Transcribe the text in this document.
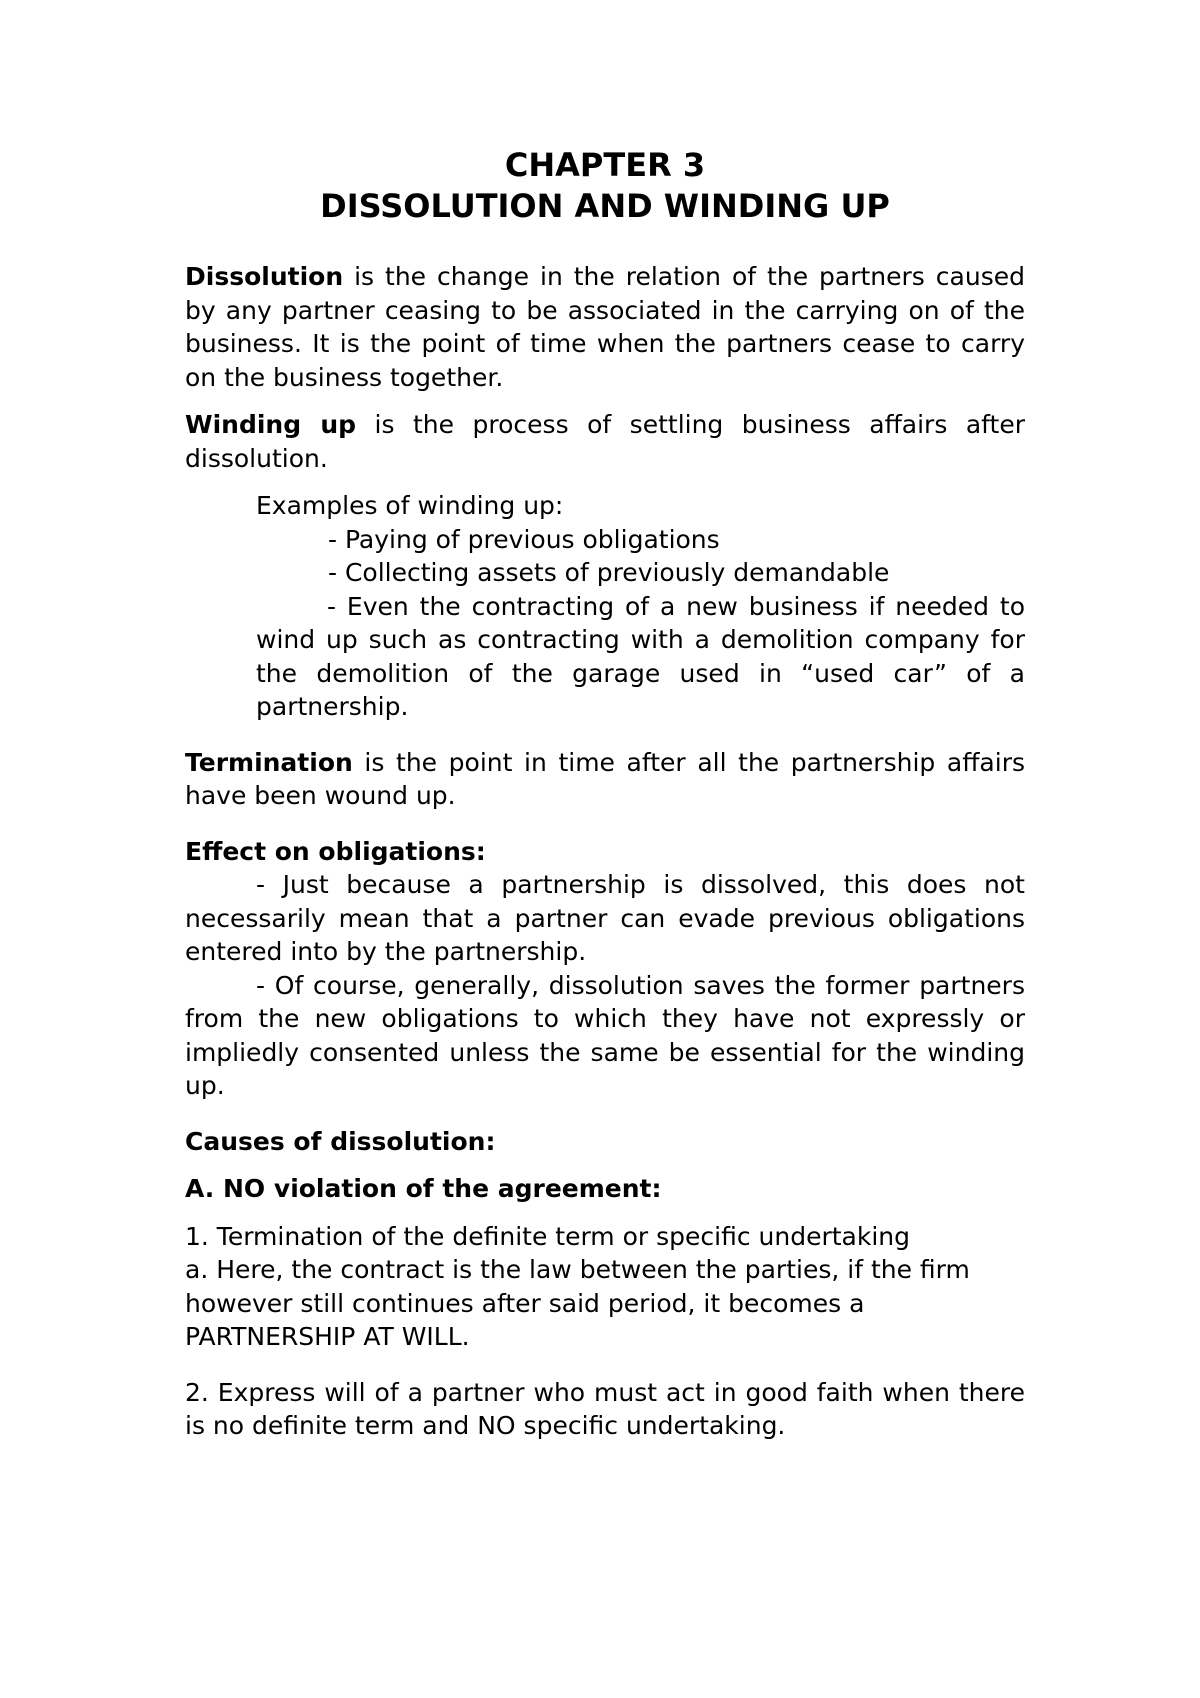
CHAPTER 3

DISSOLUTION AND WINDING UP

Dissolution is the change in the relation of the partners caused by any partner ceasing to be associated in the carrying on of the business. It is the point of time when the partners cease to carry on the business together.

Winding up is the process of settling business affairs after dissolution.

Examples of winding up:

- Paying of previous obligations

- Collecting assets of previously demandable

- Even the contracting of a new business if needed to wind up such as contracting with a demolition company for the demolition of the garage used in “used car” of a partnership.

Termination is the point in time after all the partnership affairs have been wound up.

Effect on obligations:

- Just because a partnership is dissolved, this does not necessarily mean that a partner can evade previous obligations entered into by the partnership.

- Of course, generally, dissolution saves the former partners from the new obligations to which they have not expressly or impliedly consented unless the same be essential for the winding up.

Causes of dissolution:

A. NO violation of the agreement:

1. Termination of the definite term or specific undertaking

a. Here, the contract is the law between the parties, if the firm however still continues after said period, it becomes a PARTNERSHIP AT WILL.

2. Express will of a partner who must act in good faith when there is no definite term and NO specific undertaking.
